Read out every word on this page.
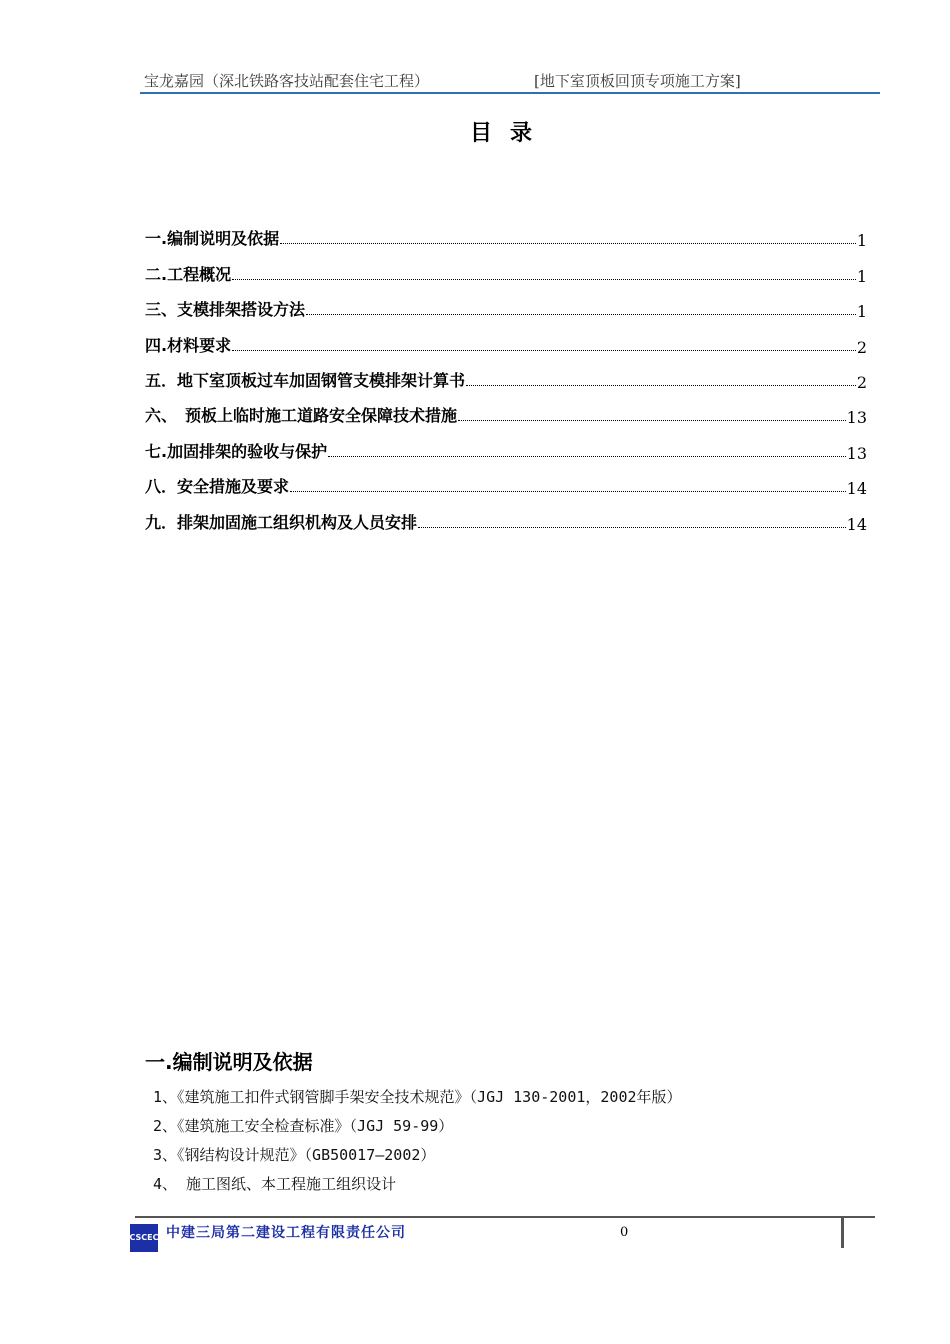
宝龙嘉园（深北铁路客技站配套住宅工程）	[地下室顶板回顶专项施工方案]
目录
一.编制说明及依据	1
二.工程概况	1
三、支模排架搭设方法	1
四.材料要求	2
五．地下室顶板过车加固钢管支模排架计算书	2
六、　预板上临时施工道路安全保障技术措施	13
七.加固排架的验收与保护	13
八．安全措施及要求	14
九．排架加固施工组织机构及人员安排	14
一.编制说明及依据
1、《建筑施工扣件式钢管脚手架安全技术规范》（JGJ 130-2001，2002年版）
2、《建筑施工安全检查标准》（JGJ 59-99）
3、《钢结构设计规范》（GB50017—2002）
4、 施工图纸、本工程施工组织设计
CSCEC 中建三局第二建设工程有限责任公司	0
